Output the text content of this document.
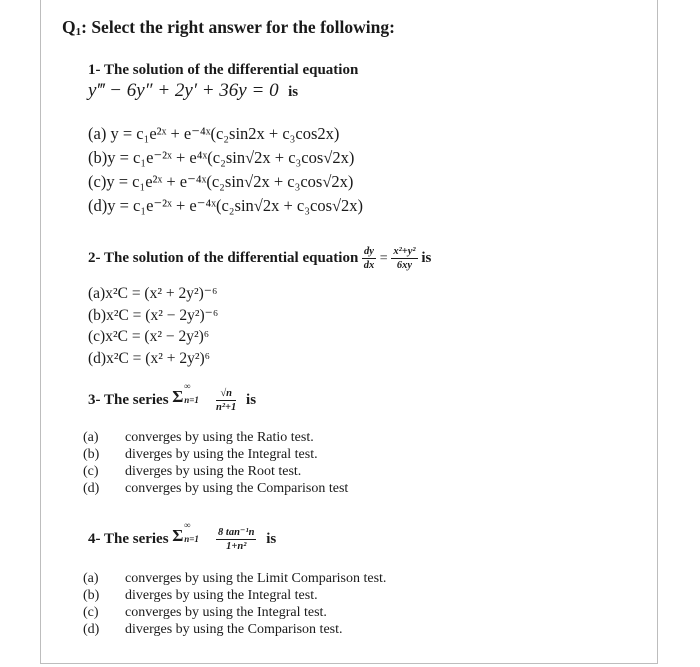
$Q_1$: Select the right answer for the following:
1- The solution of the differential equation
y‴ − 6y″ + 2y′ + 36y = 0 is
(a) y = c₁e²ˣ + e⁻⁴ˣ(c₂sin2x + c₃cos2x)
(b)y = c₁e⁻²ˣ + e⁴ˣ(c₂sin√2x + c₃cos√2x)
(c)y = c₁e²ˣ + e⁻⁴ˣ(c₂sin√2x + c₃cos√2x)
(d)y = c₁e⁻²ˣ + e⁻⁴ˣ(c₂sin√2x + c₃cos√2x)
2- The solution of the differential equation $\frac{dy}{dx} = \frac{\text{x²+y²}}{6xy}$ is
(a)x²C = (x² + 2y²)⁻⁶
(b)x²C = (x² − 2y²)⁻⁶
(c)x²C = (x² − 2y²)⁶
(d)x²C = (x² + 2y²)⁶
3- The series Σ
∞
n=1
$\frac{√n}{\text{n²+1}}$ is
(a) converges by using the Ratio test.
(b) diverges by using the Integral test.
(c) diverges by using the Root test.
(d) converges by using the Comparison test
4- The series Σ
∞
n=1
$\frac{\text{8 tan⁻¹n}}{\text{1+n²}}$ is
(a) converges by using the Limit Comparison test.
(b) diverges by using the Integral test.
(c) converges by using the Integral test.
(d) diverges by using the Comparison test.
